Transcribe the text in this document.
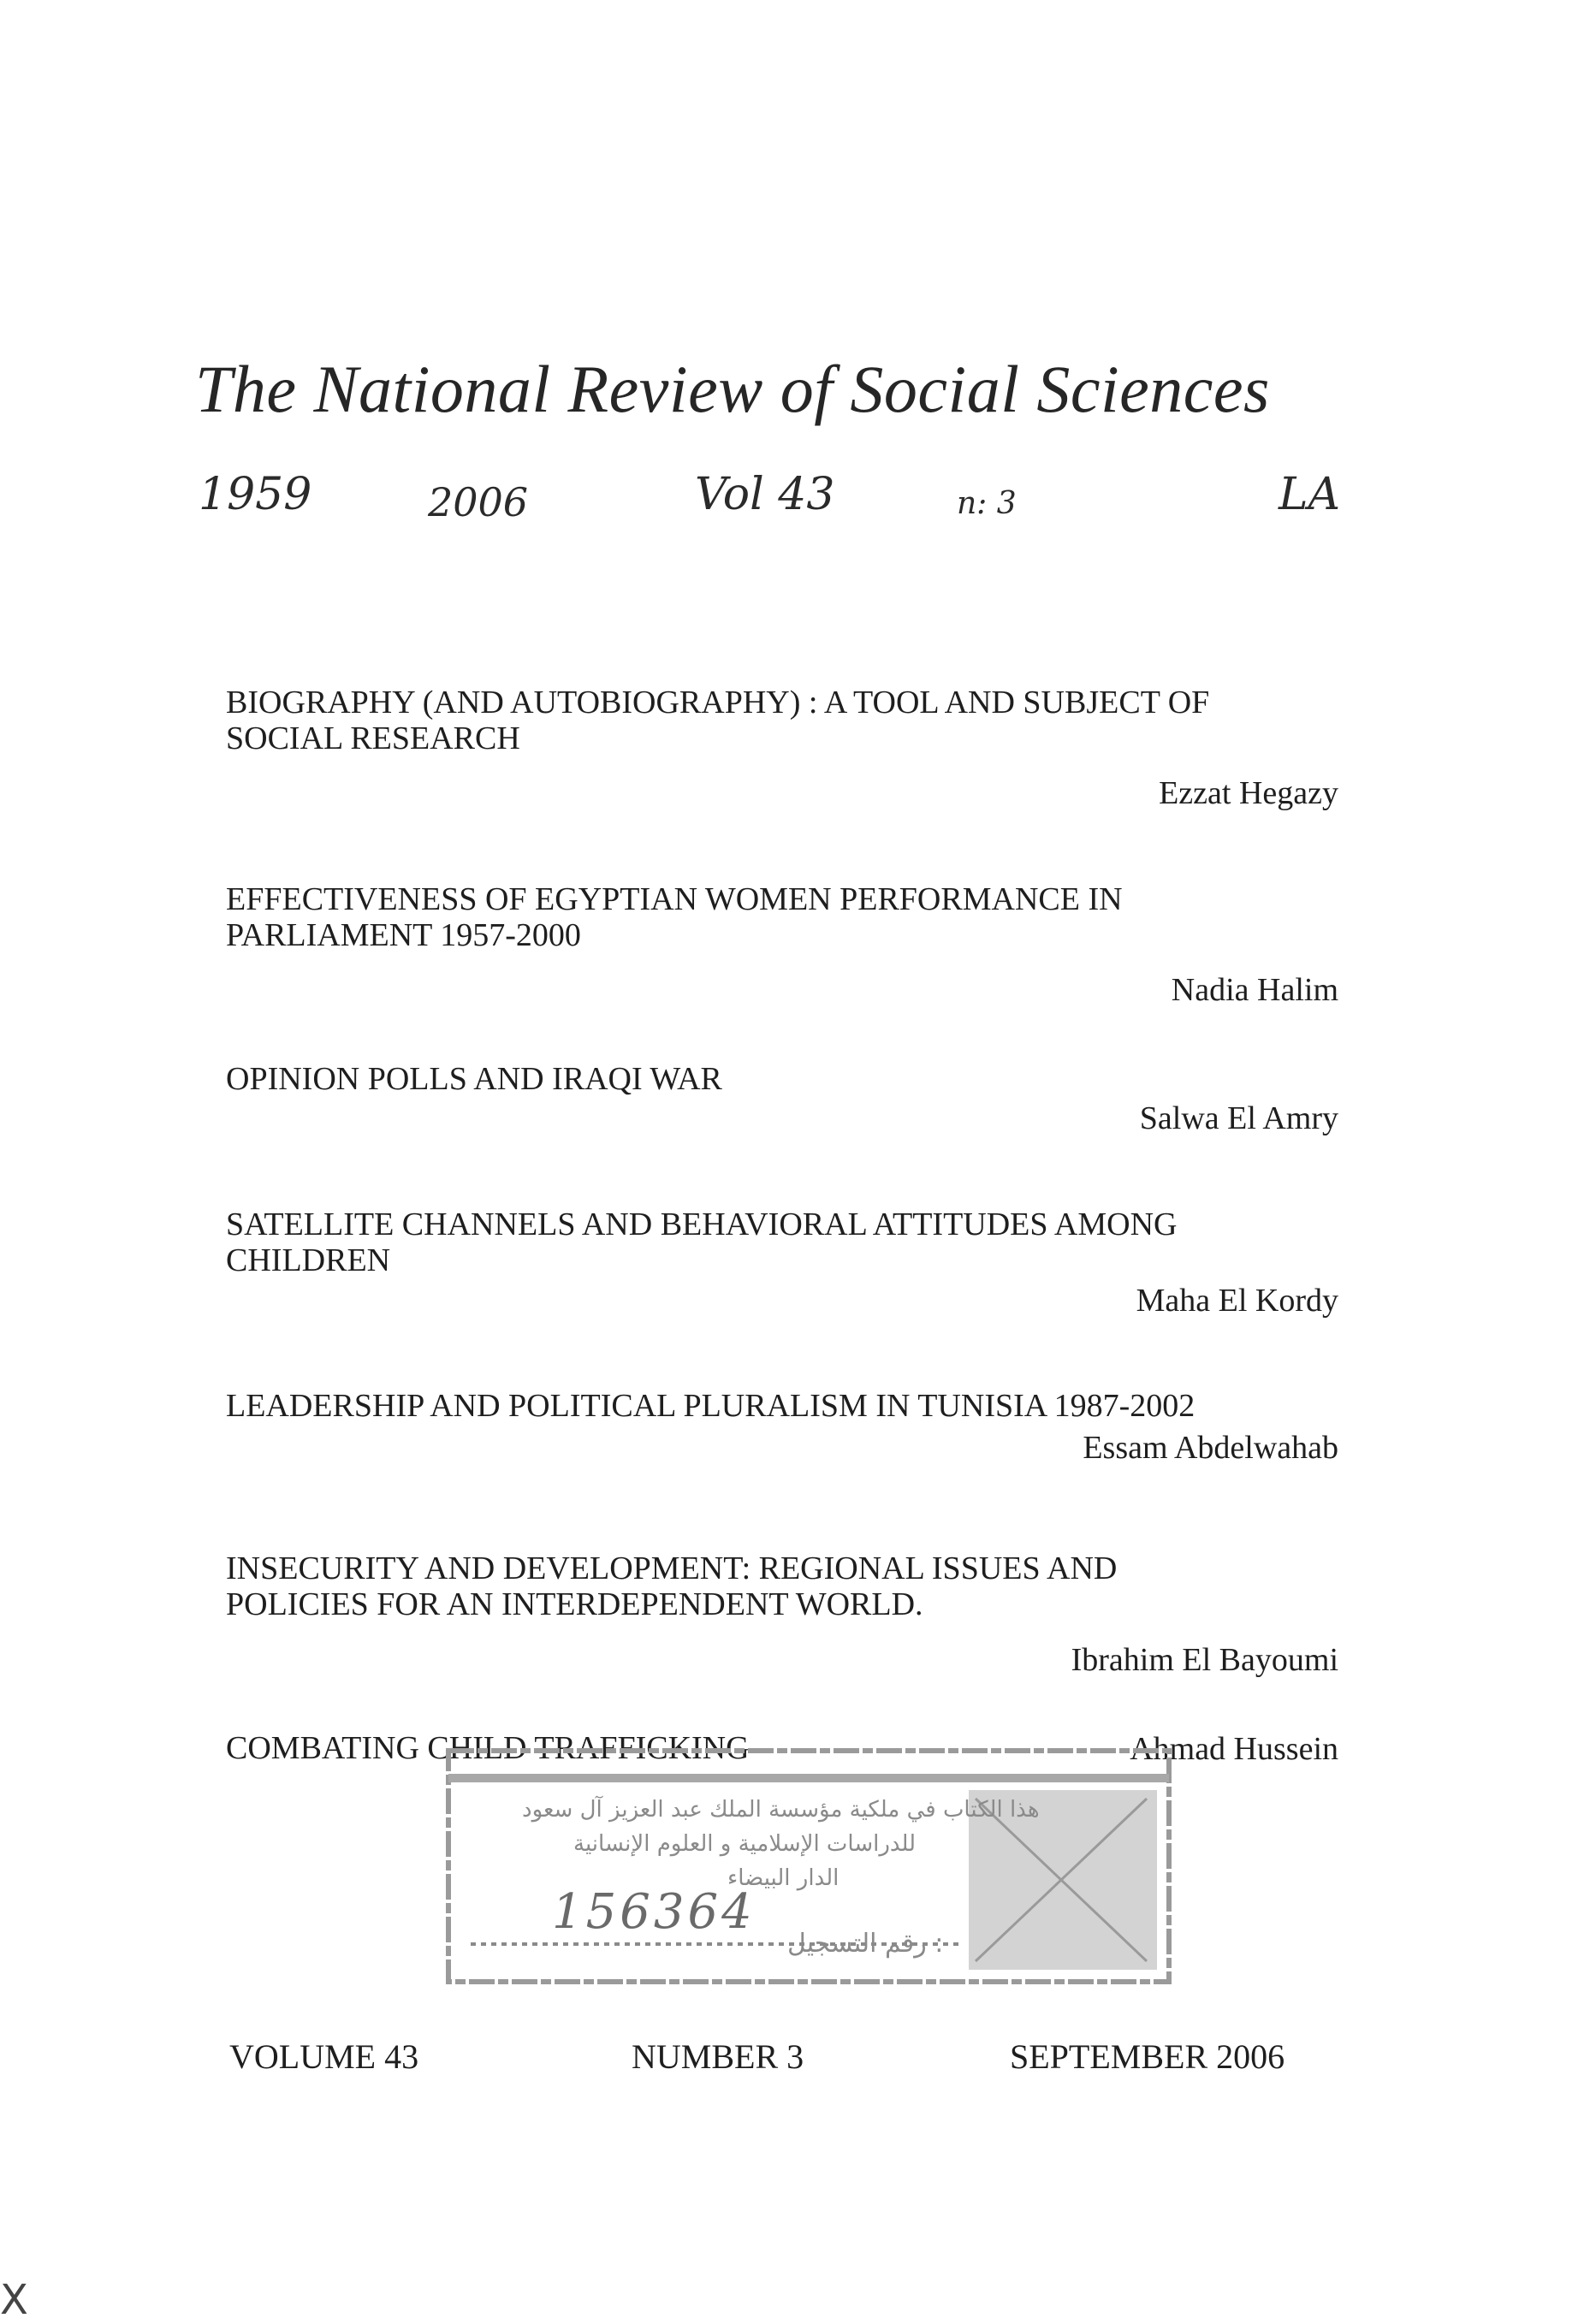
The National Review of Social Sciences
1959	2006	Vol 43	n: 3	LA
BIOGRAPHY (AND AUTOBIOGRAPHY) : A TOOL AND SUBJECT OF
SOCIAL RESEARCH
Ezzat Hegazy
EFFECTIVENESS OF EGYPTIAN WOMEN PERFORMANCE IN
PARLIAMENT 1957-2000
Nadia Halim
OPINION POLLS AND IRAQI WAR
Salwa El Amry
SATELLITE CHANNELS AND BEHAVIORAL ATTITUDES AMONG
CHILDREN
Maha El Kordy
LEADERSHIP AND POLITICAL PLURALISM IN TUNISIA 1987-2002
Essam Abdelwahab
INSECURITY AND DEVELOPMENT: REGIONAL ISSUES AND
POLICIES FOR AN INTERDEPENDENT WORLD.
Ibrahim El Bayoumi
COMBATING CHILD TRAFFICKING	Ahmad Hussein
هذا الكتاب في ملكية مؤسسة الملك عبد العزيز آل سعود
للدراسات الإسلامية و العلوم الإنسانية
الدار البيضاء
156364
رقم التسجيل :
VOLUME 43	NUMBER 3	SEPTEMBER 2006
X
